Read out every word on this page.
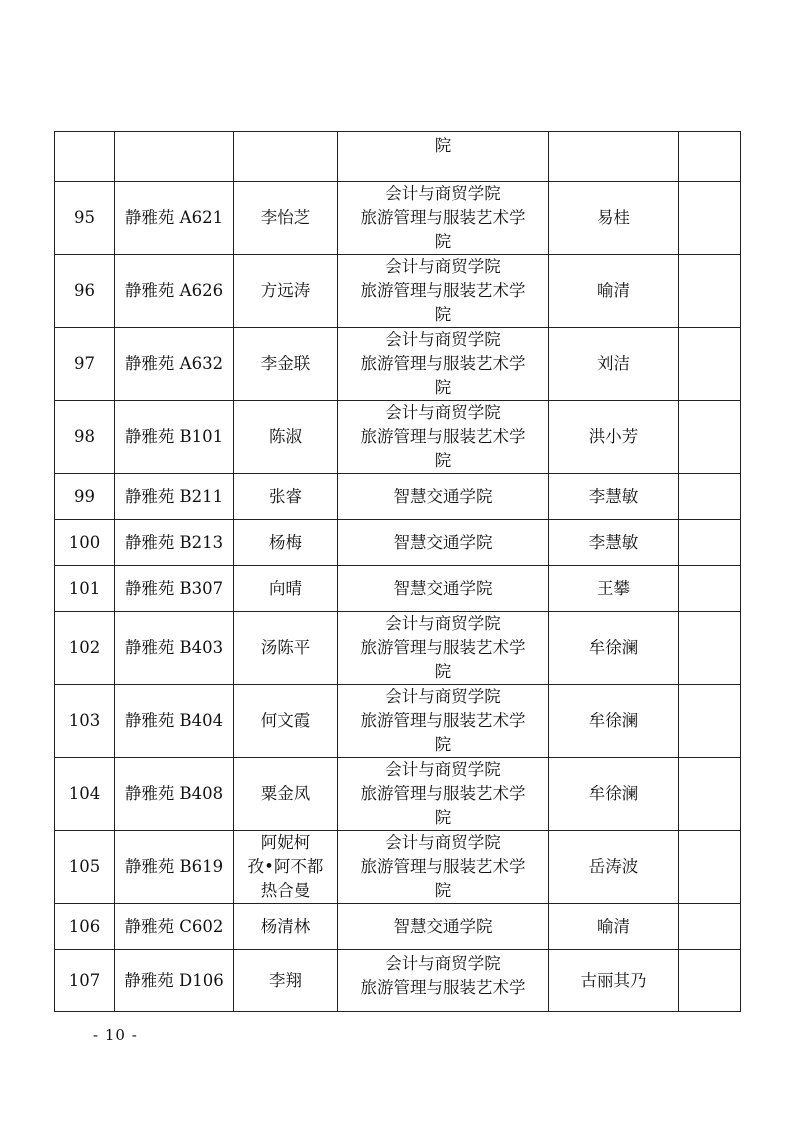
			院		
95	静雅苑 A621	李怡芝	会计与商贸学院
旅游管理与服装艺术学
院	易桂	
96	静雅苑 A626	方远涛	会计与商贸学院
旅游管理与服装艺术学
院	喻清	
97	静雅苑 A632	李金联	会计与商贸学院
旅游管理与服装艺术学
院	刘洁	
98	静雅苑 B101	陈淑	会计与商贸学院
旅游管理与服装艺术学
院	洪小芳	
99	静雅苑 B211	张睿	智慧交通学院	李慧敏	
100	静雅苑 B213	杨梅	智慧交通学院	李慧敏	
101	静雅苑 B307	向晴	智慧交通学院	王攀	
102	静雅苑 B403	汤陈平	会计与商贸学院
旅游管理与服装艺术学
院	牟徐澜	
103	静雅苑 B404	何文霞	会计与商贸学院
旅游管理与服装艺术学
院	牟徐澜	
104	静雅苑 B408	粟金凤	会计与商贸学院
旅游管理与服装艺术学
院	牟徐澜	
105	静雅苑 B619	阿妮柯
孜•阿不都
热合曼	会计与商贸学院
旅游管理与服装艺术学
院	岳涛波	
106	静雅苑 C602	杨清林	智慧交通学院	喻清	
107	静雅苑 D106	李翔	会计与商贸学院
旅游管理与服装艺术学	古丽其乃	
- 10 -
